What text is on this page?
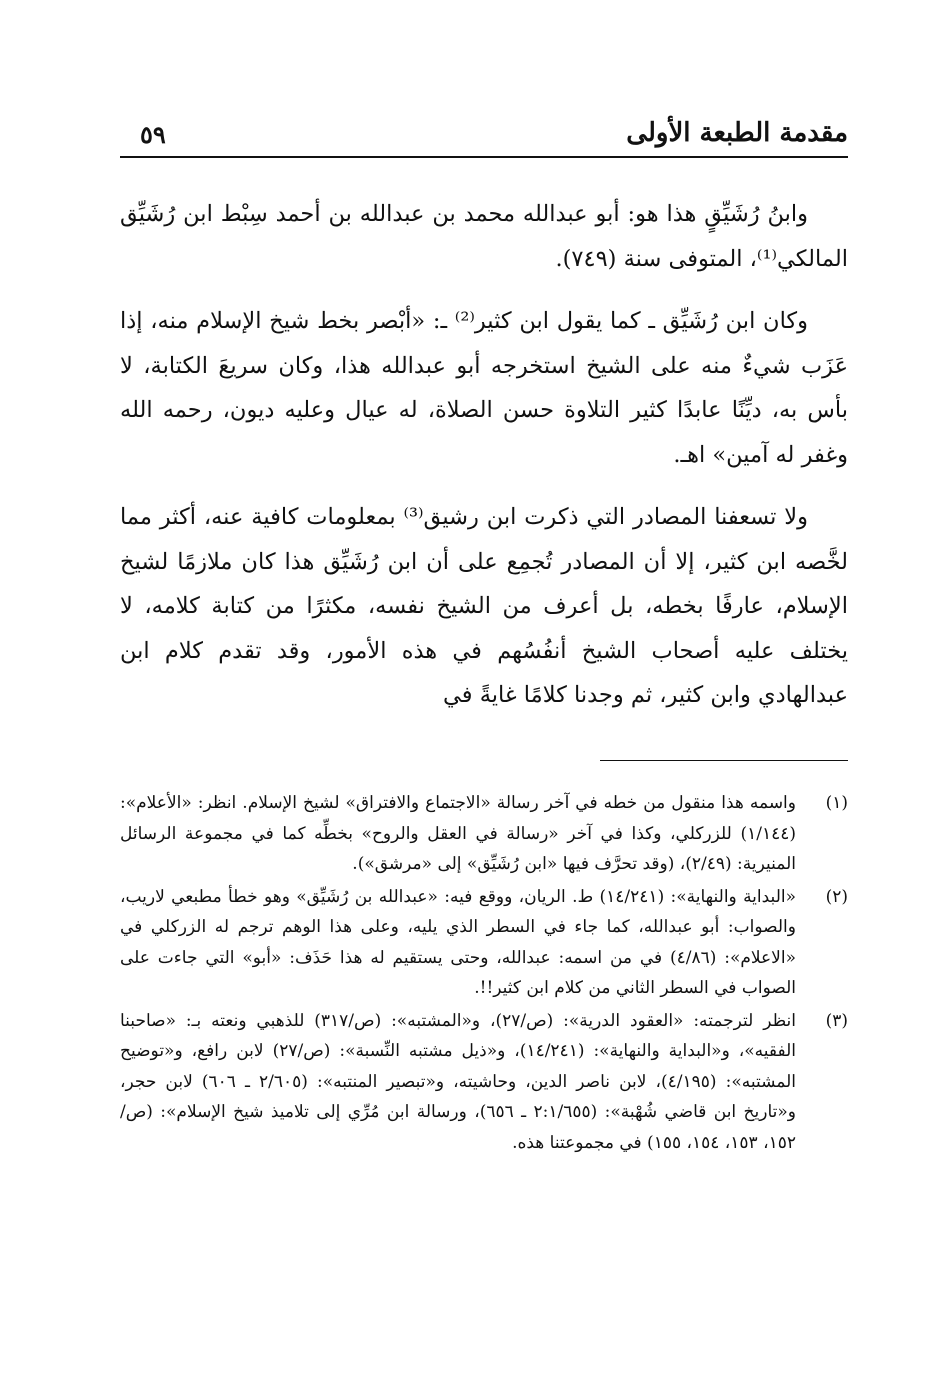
مقدمة الطبعة الأولى
٥٩

وابنُ رُشَيِّقٍ هذا هو: أبو عبدالله محمد بن عبدالله بن أحمد سِبْط ابن رُشَيِّق المالكي⁽¹⁾، المتوفى سنة (٧٤٩).

وكان ابن رُشَيِّق ـ كما يقول ابن كثير⁽²⁾ ـ: «أبْصر بخط شيخ الإسلام منه، إذا عَزَب شيءٌ منه على الشيخ استخرجه أبو عبدالله هذا، وكان سريعَ الكتابة، لا بأس به، ديِّنًا عابدًا كثير التلاوة حسن الصلاة، له عيال وعليه ديون، رحمه الله وغفر له آمين» اهـ.

ولا تسعفنا المصادر التي ذكرت ابن رشيق⁽³⁾ بمعلومات كافية عنه، أكثر مما لخَّصه ابن كثير، إلا أن المصادر تُجمِع على أن ابن رُشَيِّق هذا كان ملازمًا لشيخ الإسلام، عارفًا بخطه، بل أعرف من الشيخ نفسه، مكثرًا من كتابة كلامه، لا يختلف عليه أصحاب الشيخ أنفُسُهم في هذه الأمور، وقد تقدم كلام ابن عبدالهادي وابن كثير، ثم وجدنا كلامًا غايةً في

(١)
واسمه هذا منقول من خطه في آخر رسالة «الاجتماع والافتراق» لشيخ الإسلام. انظر: «الأعلام»: (١/١٤٤) للزركلي، وكذا في آخر «رسالة في العقل والروح» بخطِّه كما في مجموعة الرسائل المنيرية: (٢/٤٩)، (وقد تحرَّف فيها «ابن رُشَيِّق» إلى «مرشق»).
(٢)
«البداية والنهاية»: (١٤/٢٤١) ط. الريان، ووقع فيه: «عبدالله بن رُشَيِّق» وهو خطأ مطبعي لاريب، والصواب: أبو عبدالله، كما جاء في السطر الذي يليه، وعلى هذا الوهم ترجم له الزركلي في «الاعلام»: (٤/٨٦) في من اسمه: عبدالله، وحتى يستقيم له هذا حَذَف: «أبو» التي جاءت على الصواب في السطر الثاني من كلام ابن كثير!!.
(٣)
انظر لترجمته: «العقود الدرية»: (ص/٢٧)، و«المشتبه»: (ص/٣١٧) للذهبي ونعته بـ: «صاحبنا الفقيه»، و«البداية والنهاية»: (١٤/٢٤١)، و«ذيل مشتبه النِّسبة»: (ص/٢٧) لابن رافع، و«توضيح المشتبه»: (٤/١٩٥)، لابن ناصر الدين، وحاشيته، و«تبصير المنتبه»: (٢/٦٠٥ ـ ٦٠٦) لابن حجر، و«تاريخ ابن قاضي شُهْبة»: (٢:١/٦٥٥ ـ ٦٥٦)، ورسالة ابن مُرِّي إلى تلاميذ شيخ الإسلام»: (ص/١٥٢، ١٥٣، ١٥٤، ١٥٥) في مجموعتنا هذه.
